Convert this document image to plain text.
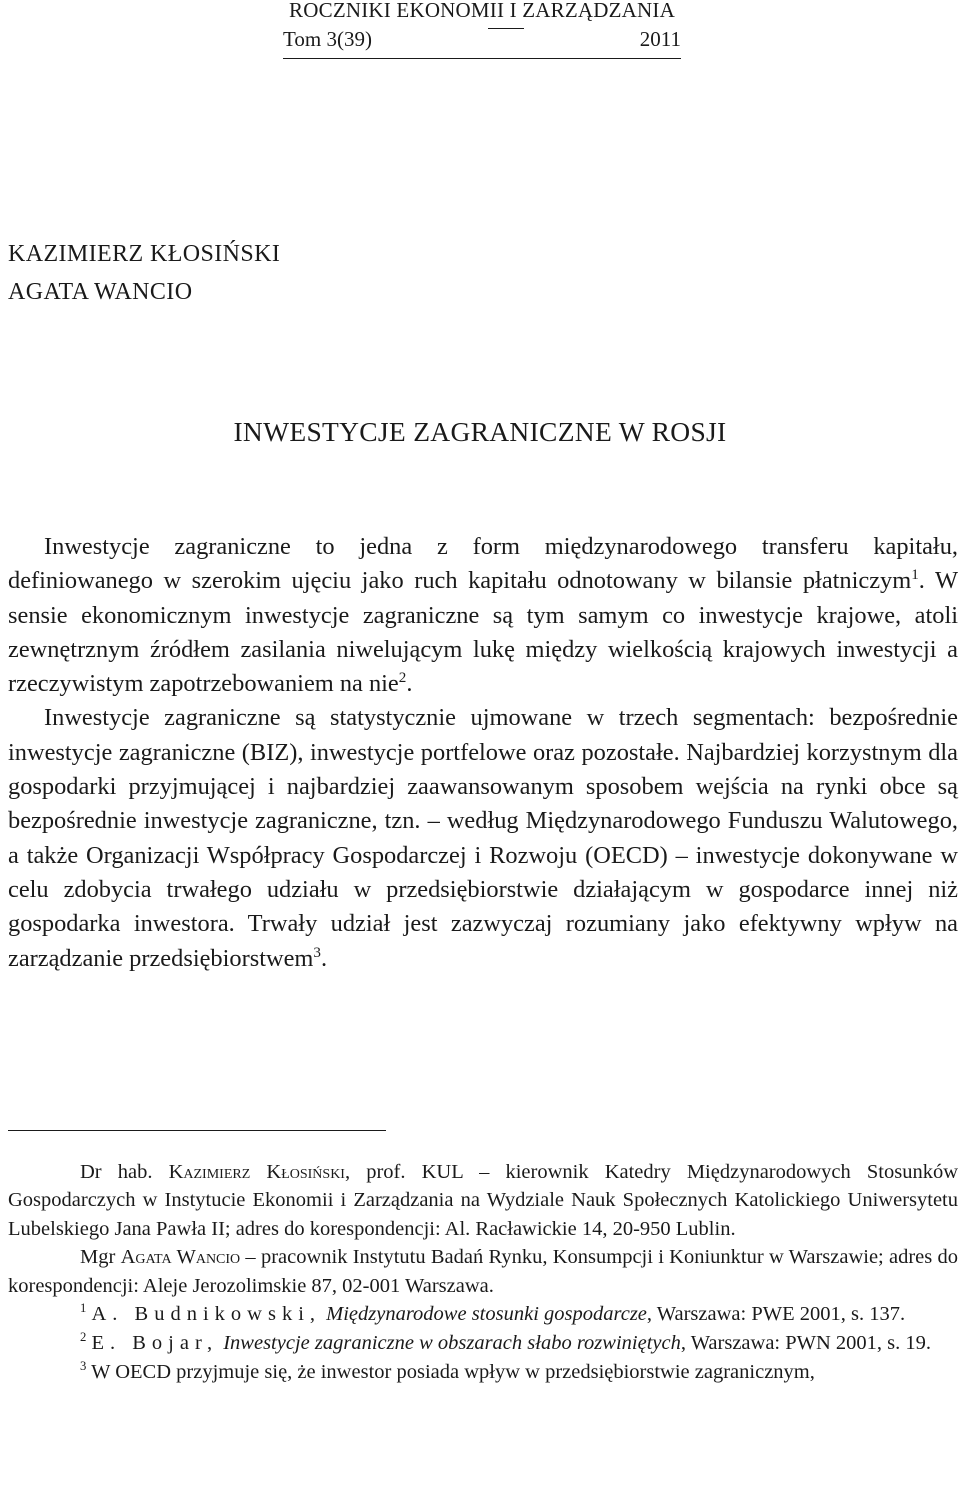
ROCZNIKI EKONOMII I ZARZĄDZANIA
Tom 3(39)	2011
KAZIMIERZ KŁOSIŃSKI
AGATA WANCIO
INWESTYCJE ZAGRANICZNE W ROSJI

Inwestycje zagraniczne to jedna z form międzynarodowego transferu kapitału, definiowanego w szerokim ujęciu jako ruch kapitału odnotowany w bilansie płatniczym$^1$. W sensie ekonomicznym inwestycje zagraniczne są tym samym co inwestycje krajowe, atoli zewnętrznym źródłem zasilania niwelującym lukę między wielkością krajowych inwestycji a rzeczywistym zapotrzebowaniem na nie$^2$.

Inwestycje zagraniczne są statystycznie ujmowane w trzech segmentach: bezpośrednie inwestycje zagraniczne (BIZ), inwestycje portfelowe oraz pozostałe. Najbardziej korzystnym dla gospodarki przyjmującej i najbardziej zaawansowanym sposobem wejścia na rynki obce są bezpośrednie inwestycje zagraniczne, tzn. – według Międzynarodowego Funduszu Walutowego, a także Organizacji Współpracy Gospodarczej i Rozwoju (OECD) – inwestycje dokonywane w celu zdobycia trwałego udziału w przedsiębiorstwie działającym w gospodarce innej niż gospodarka inwestora. Trwały udział jest zazwyczaj rozumiany jako efektywny wpływ na zarządzanie przedsiębiorstwem$^3$.

Dr hab. Kazimierz Kłosiński, prof. KUL – kierownik Katedry Międzynarodowych Stosunków Gospodarczych w Instytucie Ekonomii i Zarządzania na Wydziale Nauk Społecznych Katolickiego Uniwersytetu Lubelskiego Jana Pawła II; adres do korespondencji: Al. Racławickie 14, 20-950 Lublin.

Mgr Agata Wancio – pracownik Instytutu Badań Rynku, Konsumpcji i Koniunktur w Warszawie; adres do korespondencji: Aleje Jerozolimskie 87, 02-001 Warszawa.

$^1$ A. Budnikowski, Międzynarodowe stosunki gospodarcze, Warszawa: PWE 2001, s. 137.

$^2$ E. Bojar, Inwestycje zagraniczne w obszarach słabo rozwiniętych, Warszawa: PWN 2001, s. 19.

$^3$ W OECD przyjmuje się, że inwestor posiada wpływ w przedsiębiorstwie zagranicznym,
